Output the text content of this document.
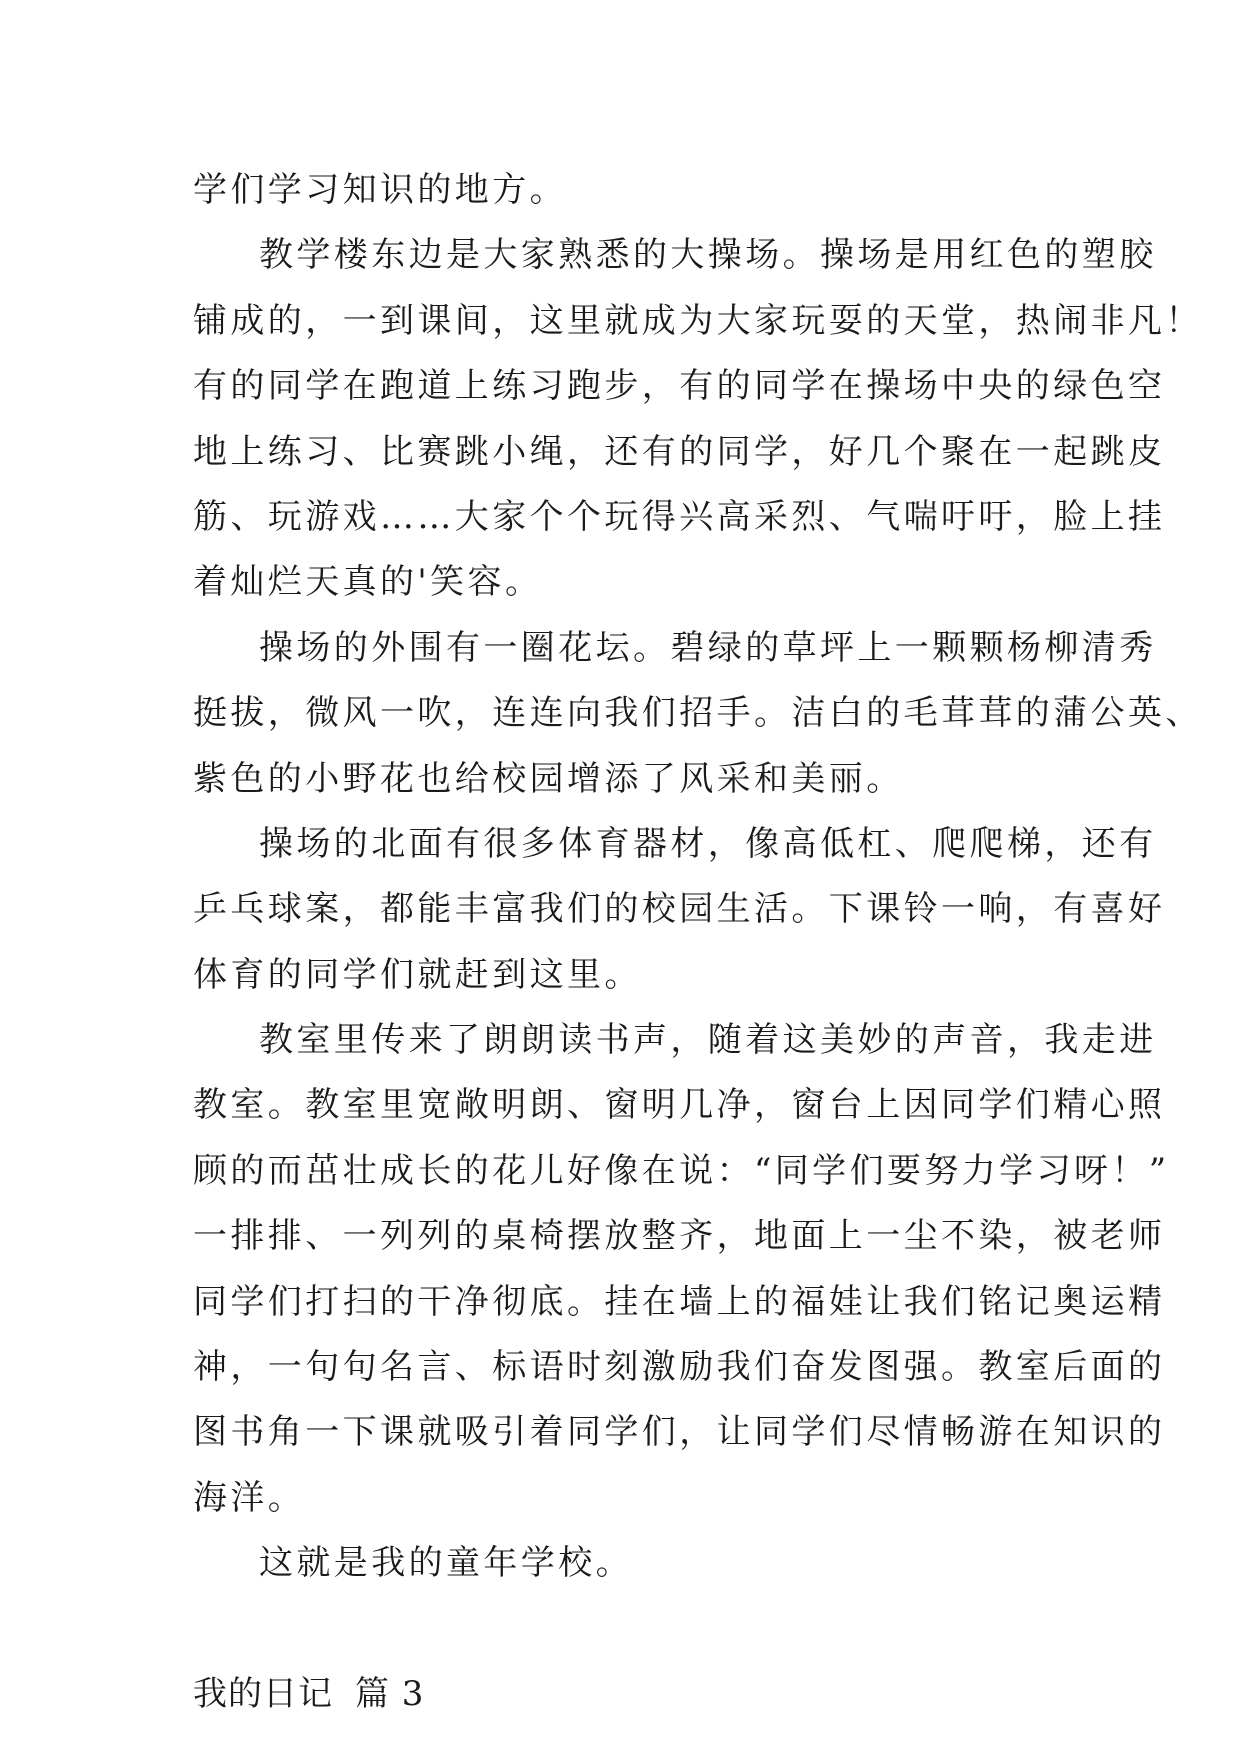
学们学习知识的地方。
教学楼东边是大家熟悉的大操场。操场是用红色的塑胶
铺成的，一到课间，这里就成为大家玩耍的天堂，热闹非凡！
有的同学在跑道上练习跑步，有的同学在操场中央的绿色空
地上练习、比赛跳小绳，还有的同学，好几个聚在一起跳皮
筋、玩游戏……大家个个玩得兴高采烈、气喘吁吁，脸上挂
着灿烂天真的'笑容。
操场的外围有一圈花坛。碧绿的草坪上一颗颗杨柳清秀
挺拔，微风一吹，连连向我们招手。洁白的毛茸茸的蒲公英、
紫色的小野花也给校园增添了风采和美丽。
操场的北面有很多体育器材，像高低杠、爬爬梯，还有
乒乓球案，都能丰富我们的校园生活。下课铃一响，有喜好
体育的同学们就赶到这里。
教室里传来了朗朗读书声，随着这美妙的声音，我走进
教室。教室里宽敞明朗、窗明几净，窗台上因同学们精心照
顾的而茁壮成长的花儿好像在说：“同学们要努力学习呀！”
一排排、一列列的桌椅摆放整齐，地面上一尘不染，被老师
同学们打扫的干净彻底。挂在墙上的福娃让我们铭记奥运精
神，一句句名言、标语时刻激励我们奋发图强。教室后面的
图书角一下课就吸引着同学们，让同学们尽情畅游在知识的
海洋。
这就是我的童年学校。
我的日记 篇 3
